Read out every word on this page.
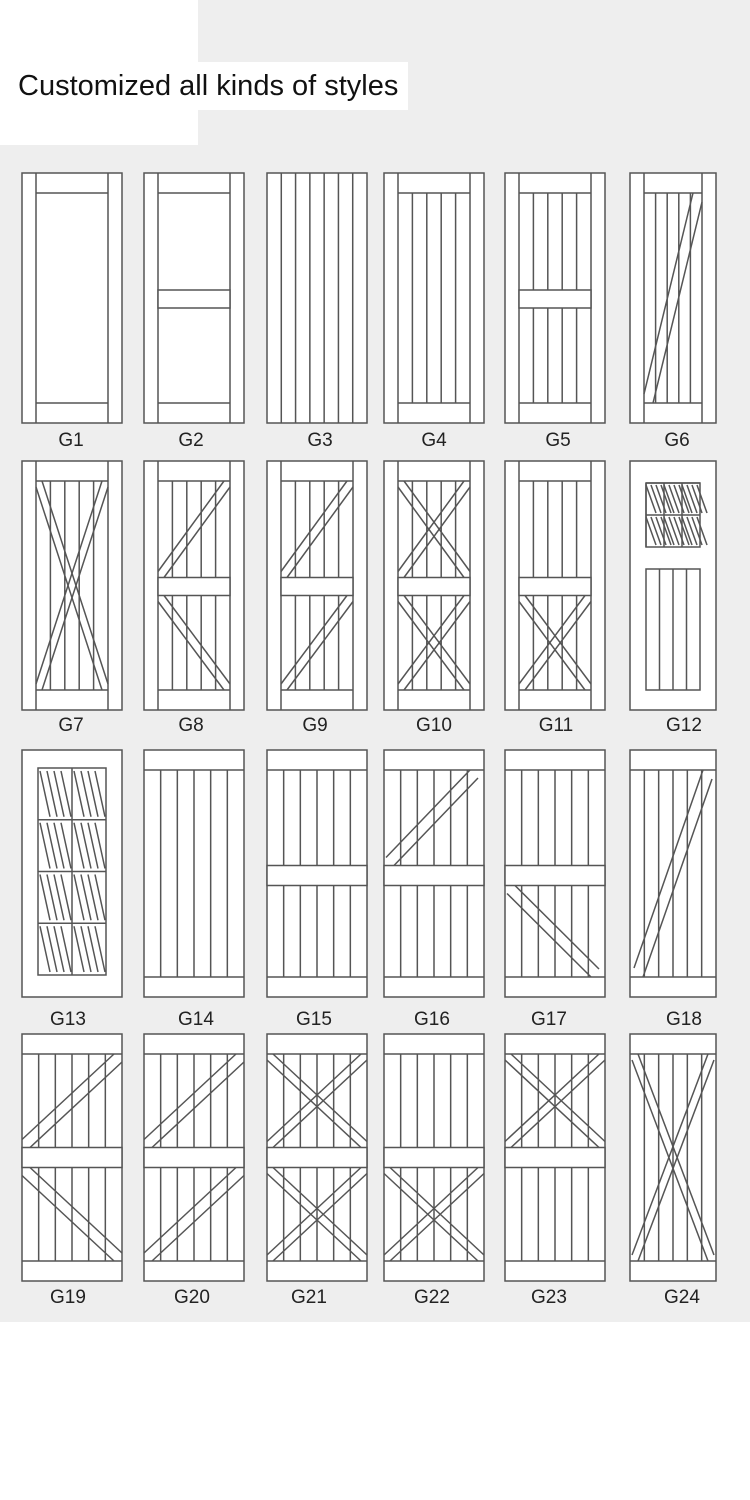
Customized all kinds of styles
G1	G2	G3	G4	G5	G6
G7	G8	G9	G10	G11	G12
G13	G14	G15	G16	G17	G18
G19	G20	G21	G22	G23	G24
